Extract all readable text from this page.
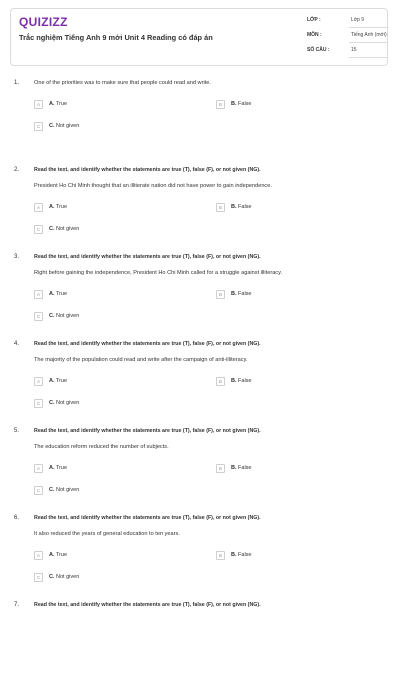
QUIZIZZ
Trắc nghiệm Tiếng Anh 9 mới Unit 4 Reading có đáp án
LỚP :	Lớp 9
MÔN :	Tiếng Anh (mới)
SỐ CÂU :	15
1.	One of the priorities was to make sure that people could read and write.
A	A. True	B	B. False
C	C. Not given
2.	Read the text, and identify whether the statements are true (T), false (F), or not given (NG).
President Ho Chi Minh thought that an illiterate nation did not have power to gain independence.
A	A. True	B	B. False
C	C. Not given
3.	Read the text, and identify whether the statements are true (T), false (F), or not given (NG).
Right before gaining the independence, President Ho Chi Minh called for a struggle against illiteracy.
A	A. True	B	B. False
C	C. Not given
4.	Read the text, and identify whether the statements are true (T), false (F), or not given (NG).
The majority of the population could read and write after the campaign of anti-illiteracy.
A	A. True	B	B. False
C	C. Not given
5.	Read the text, and identify whether the statements are true (T), false (F), or not given (NG).
The education reform reduced the number of subjects.
A	A. True	B	B. False
C	C. Not given
6.	Read the text, and identify whether the statements are true (T), false (F), or not given (NG).
It also reduced the years of general education to ten years.
A	A. True	B	B. False
C	C. Not given
7.	Read the text, and identify whether the statements are true (T), false (F), or not given (NG).
